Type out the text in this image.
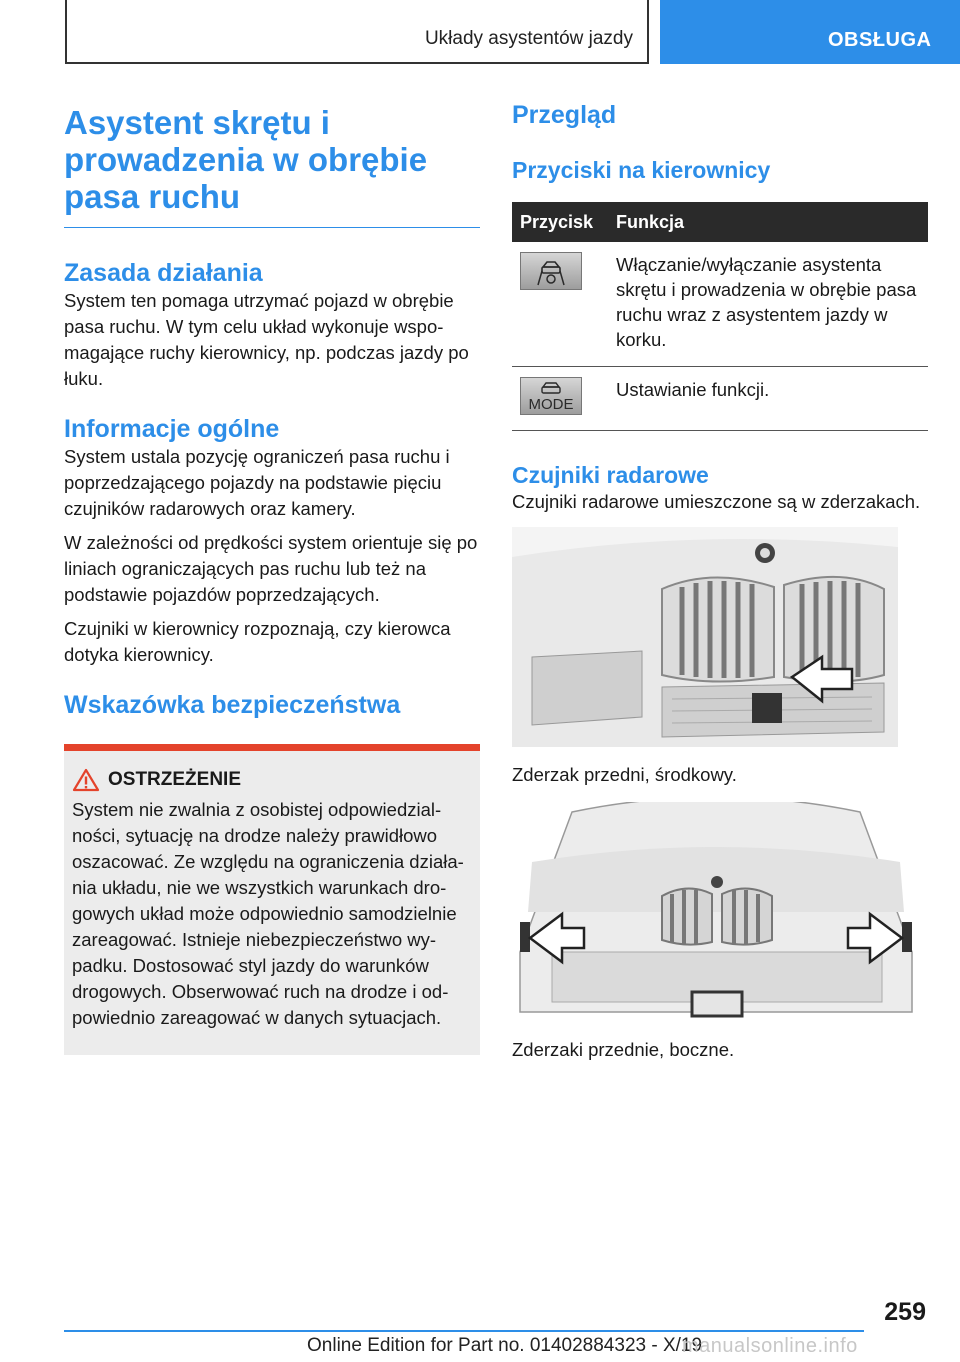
Układy asystentów jazdy	OBSŁUGA
Asystent skrętu i prowadzenia w obrębie pasa ruchu
Zasada działania

System ten pomaga utrzymać pojazd w obrębie pasa ruchu. W tym celu układ wykonuje wspo-magające ruchy kierownicy, np. podczas jazdy po łuku.

Informacje ogólne

System ustala pozycję ograniczeń pasa ruchu i poprzedzającego pojazdy na podstawie pięciu czujników radarowych oraz kamery.

W zależności od prędkości system orientuje się po liniach ograniczających pas ruchu lub też na podstawie pojazdów poprzedzających.

Czujniki w kierownicy rozpoznają, czy kierowca dotyka kierownicy.

Wskazówka bezpieczeństwa
OSTRZEŻENIE

System nie zwalnia z osobistej odpowiedzial-ności, sytuację na drodze należy prawidłowo oszacować. Ze względu na ograniczenia działa-nia układu, nie we wszystkich warunkach dro-gowych układ może odpowiednio samodzielnie zareagować. Istnieje niebezpieczeństwo wy-padku. Dostosować styl jazdy do warunków drogowych. Obserwować ruch na drodze i od-powiednio zareagować w danych sytuacjach.

Przegląd
Przyciski na kierownicy
Przycisk	Funkcja
Włączanie/wyłączanie asystenta skrętu i prowadzenia w obrębie pasa ruchu wraz z asystentem jazdy w korku.
MODE
Ustawianie funkcji.
Czujniki radarowe

Czujniki radarowe umieszczone są w zderzakach.

Zderzak przedni, środkowy.

Zderzaki przednie, boczne.

259
Online Edition for Part no. 01402884323 - X/19
manualsonline.info
